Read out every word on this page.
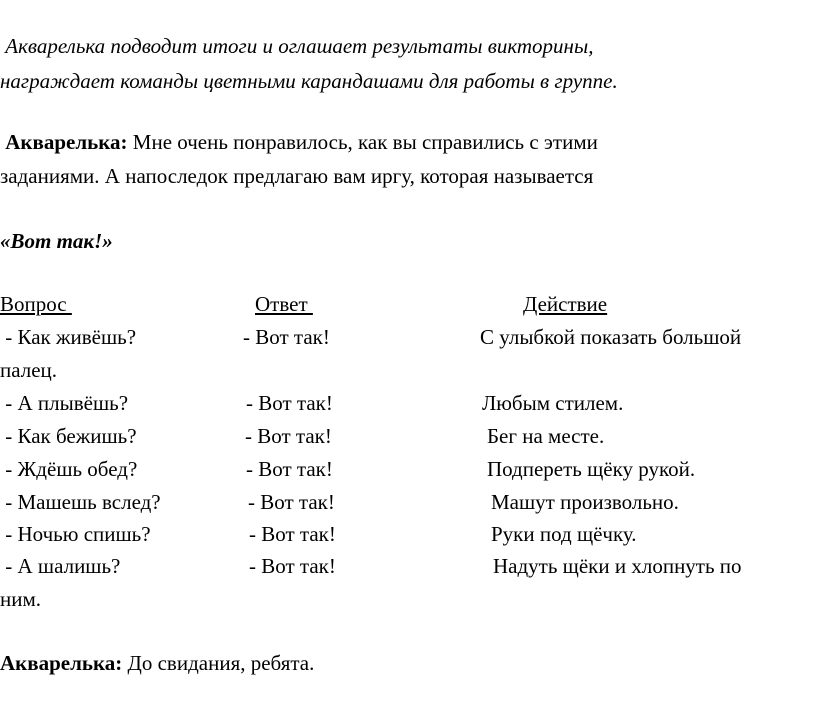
Акварелька подводит итоги и оглашает результаты викторины,
награждает команды цветными карандашами для работы в группе.
Акварелька: Мне очень понравилось, как вы справились с этими
заданиями. А напоследок предлагаю вам иргу, которая называется
«Вот так!»
Вопрос	Ответ	Действие
- Как живёшь?	- Вот так!	С улыбкой показать большой
палец.
- А плывёшь?	- Вот так!	Любым стилем.
- Как бежишь?	- Вот так!	Бег на месте.
- Ждёшь обед?	- Вот так!	Подпереть щёку рукой.
- Машешь вслед?	- Вот так!	Машут произвольно.
- Ночью спишь?	- Вот так!	Руки под щёчку.
- А шалишь?	- Вот так!	Надуть щёки и хлопнуть по
ним.
Акварелька: До свидания, ребята.
